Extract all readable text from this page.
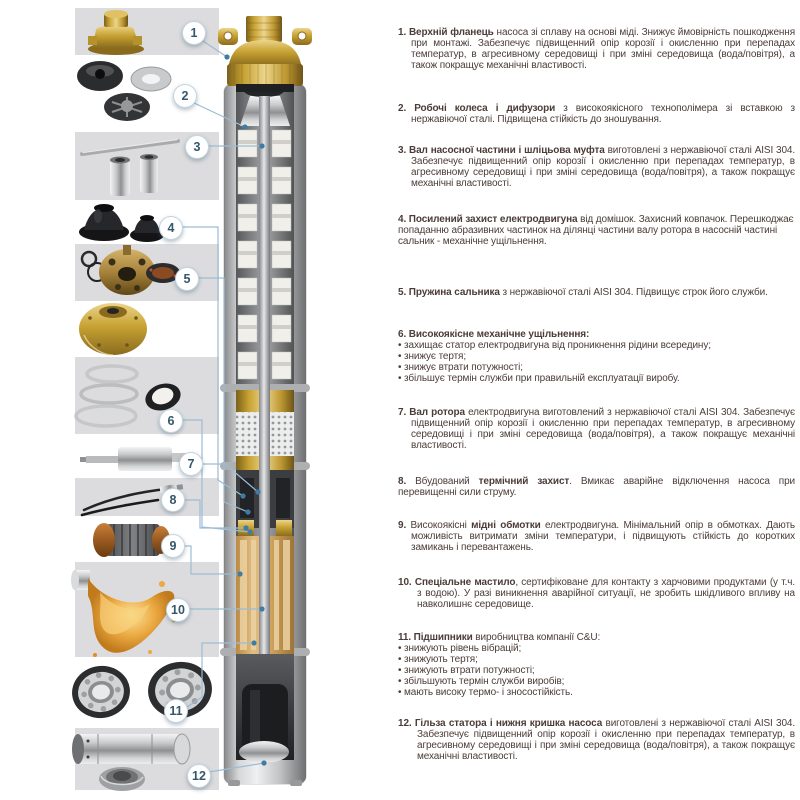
1
2
3
4
5
6
7
8
9
10
11
12

1. Верхній фланець насоса зі сплаву на основі міді. Знижує ймовірність пошкодження при монтажі. Забезпечує підвищенний опір корозії і окисленню при перепадах температур, в агресивному середовищі і при зміні середовища (вода/повітря), а також покращує механічні властивості.

2. Робочі колеса і дифузори з високоякісного технополімера зі вставкою з нержавіючої сталі. Підвищена стійкість до зношування.

3. Вал насосної частини і шліцьова муфта виготовлені з нержавіючої сталі AISI 304. Забезпечує підвищенний опір корозії і окисленню при перепадах температур, в агресивному середовищі і при зміні середовища (вода/повітря), а також покращує механічні властивості.

4. Посилений захист електродвигуна від домішок. Захисний ковпачок. Перешкоджає попаданню абразивних частинок на ділянці частини валу ротора в насосній частині сальник - механічне ущільнення.

5. Пружина сальника з нержавіючої сталі AISI 304. Підвищує строк його служби.

6. Високоякісне механічне ущільнення:

• захищає статор електродвигуна від проникнення рідини всередину;

• знижує тертя;

• знижує втрати потужності;

• збільшує термін служби при правильній експлуатації виробу.

7. Вал ротора електродвигуна виготовлений з нержавіючої сталі AISI 304. Забезпечує підвищенний опір корозії і окисленню при перепадах температур, в агресивному середовищі і при зміні середовища (вода/повітря), а також покращує механічні властивості.

8. Вбудований термічний захист. Вмикає аварійне відключення насоса при перевищенні сили струму.

9. Високоякісні мідні обмотки електродвигуна. Мінімальний опір в обмотках. Дають можливість витримати зміни температури, і підвищують стійкість до коротких замикань і перевантажень.

10. Спеціальне мастило, сертифіковане для контакту з харчовими продуктами (у т.ч. з водою). У разі виникнення аварійної ситуації, не зробить шкідливого впливу на навколишнє середовище.

11. Підшипники виробництва компанії C&U:

• знижують рівень вібрацій;

• знижують тертя;

• знижують втрати потужності;

• збільшують термін служби виробів;

• мають високу термо- і зносостійкість.

12. Гільза статора і нижня кришка насоса виготовлені з нержавіючої сталі AISI 304. Забезпечує підвищенний опір корозії і окисленню при перепадах температур, в агресивному середовищі і при зміні середовища (вода/повітря), а також покращує механічні властивості.
